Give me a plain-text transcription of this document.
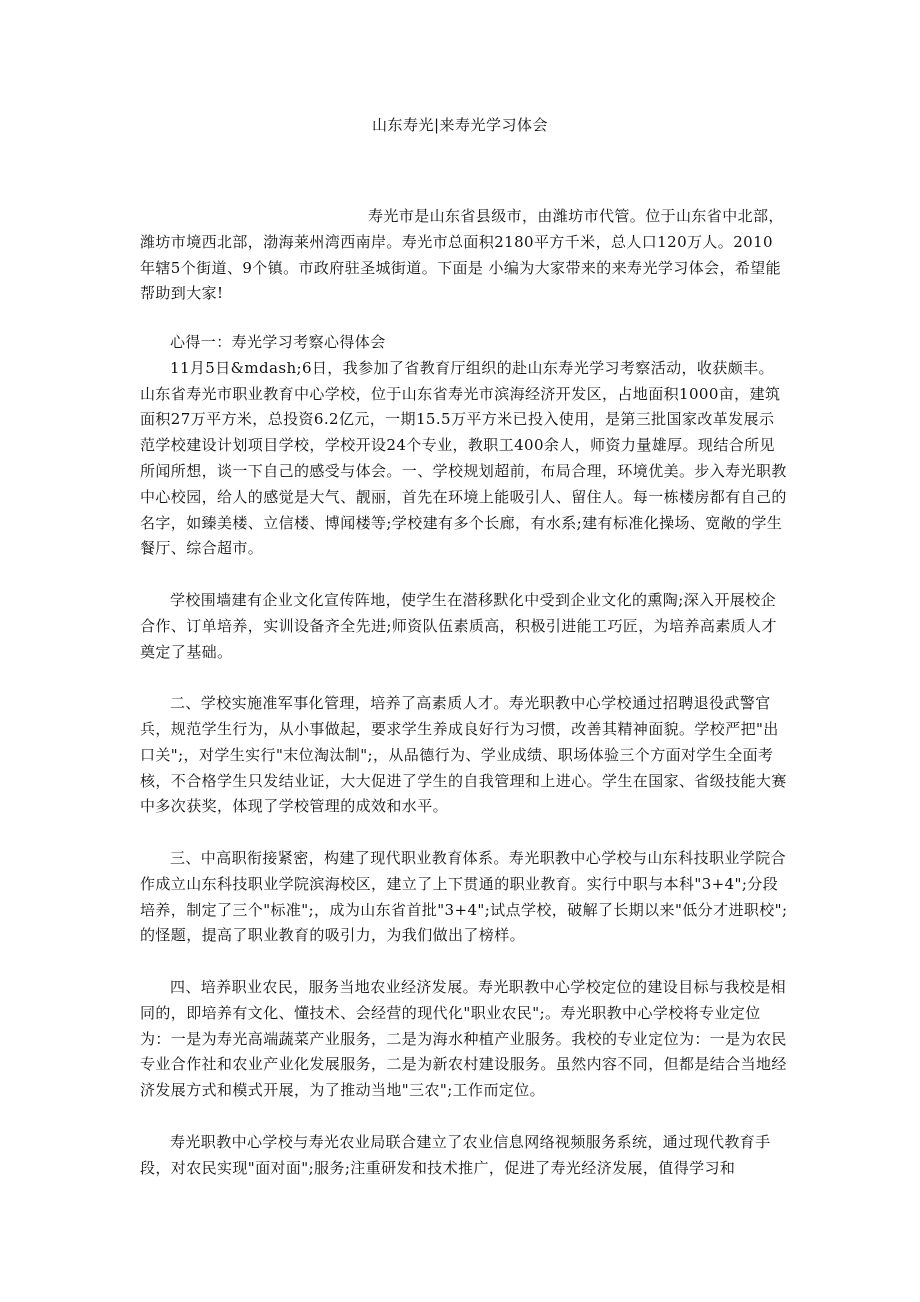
山东寿光|来寿光学习体会

寿光市是山东省县级市，由潍坊市代管。位于山东省中北部，潍坊市境西北部，渤海莱州湾西南岸。寿光市总面积2180平方千米，总人口120万人。2010年辖5个街道、9个镇。市政府驻圣城街道。下面是 小编为大家带来的来寿光学习体会，希望能帮助到大家!

心得一：寿光学习考察心得体会

11月5日&mdash;6日，我参加了省教育厅组织的赴山东寿光学习考察活动，收获颇丰。山东省寿光市职业教育中心学校，位于山东省寿光市滨海经济开发区，占地面积1000亩，建筑面积27万平方米，总投资6.2亿元，一期15.5万平方米已投入使用，是第三批国家改革发展示范学校建设计划项目学校，学校开设24个专业，教职工400余人，师资力量雄厚。现结合所见所闻所想，谈一下自己的感受与体会。一、学校规划超前，布局合理，环境优美。步入寿光职教中心校园，给人的感觉是大气、靓丽，首先在环境上能吸引人、留住人。每一栋楼房都有自己的名字，如臻美楼、立信楼、博闻楼等;学校建有多个长廊，有水系;建有标准化操场、宽敞的学生餐厅、综合超市。

学校围墙建有企业文化宣传阵地，使学生在潜移默化中受到企业文化的熏陶;深入开展校企合作、订单培养，实训设备齐全先进;师资队伍素质高，积极引进能工巧匠，为培养高素质人才奠定了基础。

二、学校实施准军事化管理，培养了高素质人才。寿光职教中心学校通过招聘退役武警官兵，规范学生行为，从小事做起，要求学生养成良好行为习惯，改善其精神面貌。学校严把"出口关";，对学生实行"末位淘汰制";，从品德行为、学业成绩、职场体验三个方面对学生全面考核，不合格学生只发结业证，大大促进了学生的自我管理和上进心。学生在国家、省级技能大赛中多次获奖，体现了学校管理的成效和水平。

三、中高职衔接紧密，构建了现代职业教育体系。寿光职教中心学校与山东科技职业学院合作成立山东科技职业学院滨海校区，建立了上下贯通的职业教育。实行中职与本科"3+4";分段培养，制定了三个"标准";，成为山东省首批"3+4";试点学校，破解了长期以来"低分才进职校";的怪题，提高了职业教育的吸引力，为我们做出了榜样。

四、培养职业农民，服务当地农业经济发展。寿光职教中心学校定位的建设目标与我校是相同的，即培养有文化、懂技术、会经营的现代化"职业农民";。寿光职教中心学校将专业定位为：一是为寿光高端蔬菜产业服务，二是为海水种植产业服务。我校的专业定位为：一是为农民专业合作社和农业产业化发展服务，二是为新农村建设服务。虽然内容不同，但都是结合当地经济发展方式和模式开展，为了推动当地"三农";工作而定位。

寿光职教中心学校与寿光农业局联合建立了农业信息网络视频服务系统，通过现代教育手段，对农民实现"面对面";服务;注重研发和技术推广，促进了寿光经济发展，值得学习和
